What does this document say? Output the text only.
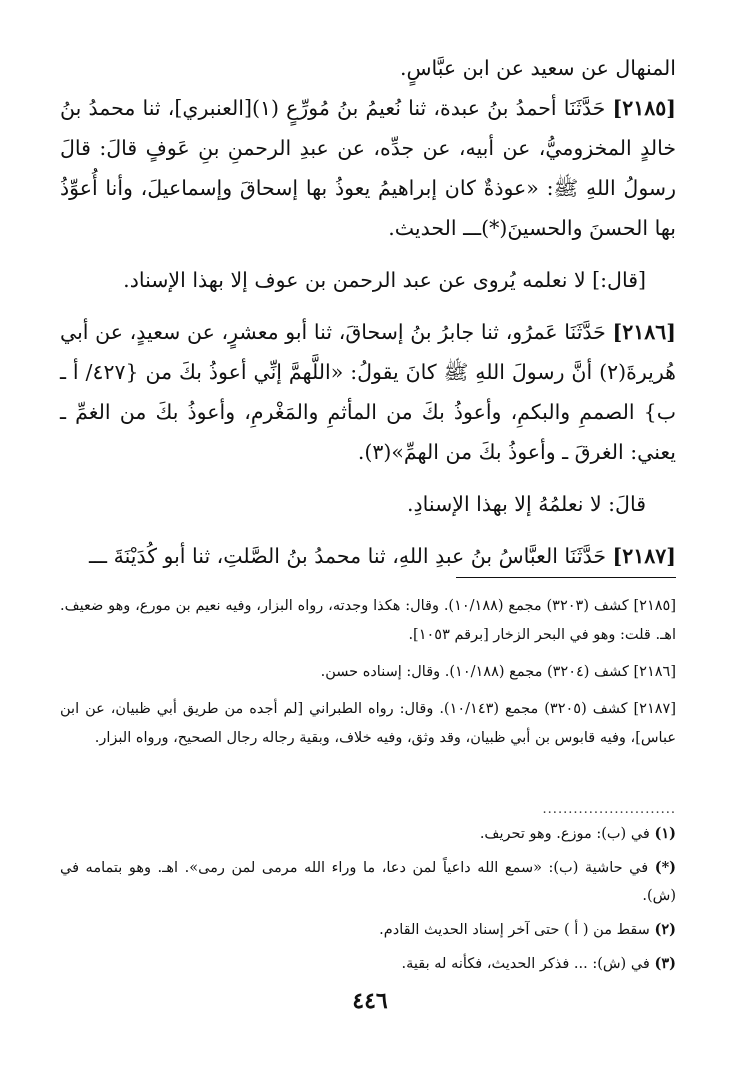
المنهال عن سعيد عن ابن عبَّاسٍ.

[٢١٨٥] حَدَّثَنَا أحمدُ بنُ عبدة، ثنا نُعيمُ بنُ مُورِّعٍ (١)[العنبري]، ثنا محمدُ بنُ خالدٍ المخزوميُّ، عن أبيه، عن جدِّه، عن عبدِ الرحمنِ بنِ عَوفٍ قالَ: قالَ رسولُ اللهِ ﷺ: «عوذةٌ كان إبراهيمُ يعوذُ بها إسحاقَ وإسماعيلَ، وأنا أُعوِّذُ بها الحسنَ والحسينَ(*)ـــ الحديث.

[قال:] لا نعلمه يُروى عن عبد الرحمن بن عوف إلا بهذا الإسناد.

[٢١٨٦] حَدَّثَنَا عَمرُو، ثنا جابرُ بنُ إسحاقَ، ثنا أبو معشرٍ، عن سعيدٍ، عن أبي هُريرةَ(٢) أنَّ رسولَ اللهِ ﷺ كانَ يقولُ: «اللَّهمَّ إنِّي أعوذُ بكَ من {٤٢٧/ أ ـ ب} الصممِ والبكمِ، وأعوذُ بكَ من المأثمِ والمَغْرمِ، وأعوذُ بكَ من الغمِّ ـ يعني: الغرقَ ـ وأعوذُ بكَ من الهمِّ»(٣).

قالَ: لا نعلمُهُ إلا بهذا الإسنادِ.

[٢١٨٧] حَدَّثَنَا العبَّاسُ بنُ عبدِ اللهِ، ثنا محمدُ بنُ الصَّلتِ، ثنا أبو كُدَيْنَةَ ـــ

[٢١٨٥] كشف (٣٢٠٣) مجمع (١٠/١٨٨). وقال: هكذا وجدته، رواه البزار، وفيه نعيم بن مورع، وهو ضعيف. اهـ. قلت: وهو في البحر الزخار [برقم ١٠٥٣].

[٢١٨٦] كشف (٣٢٠٤) مجمع (١٠/١٨٨). وقال: إسناده حسن.

[٢١٨٧] كشف (٣٢٠٥) مجمع (١٠/١٤٣). وقال: رواه الطبراني [لم أجده من طريق أبي ظبيان، عن ابن عباس]، وفيه قابوس بن أبي ظبيان، وقد وثق، وفيه خلاف، وبقية رجاله رجال الصحيح، ورواه البزار.

..........................

(١) في (ب): موزع. وهو تحريف.

(*) في حاشية (ب): «سمع الله داعياً لمن دعا، ما وراء الله مرمى لمن رمى». اهـ. وهو بتمامه في (ش).

(٢) سقط من ( أ ) حتى آخر إسناد الحديث القادم.

(٣) في (ش): ... فذكر الحديث، فكأنه له بقية.

٤٤٦
